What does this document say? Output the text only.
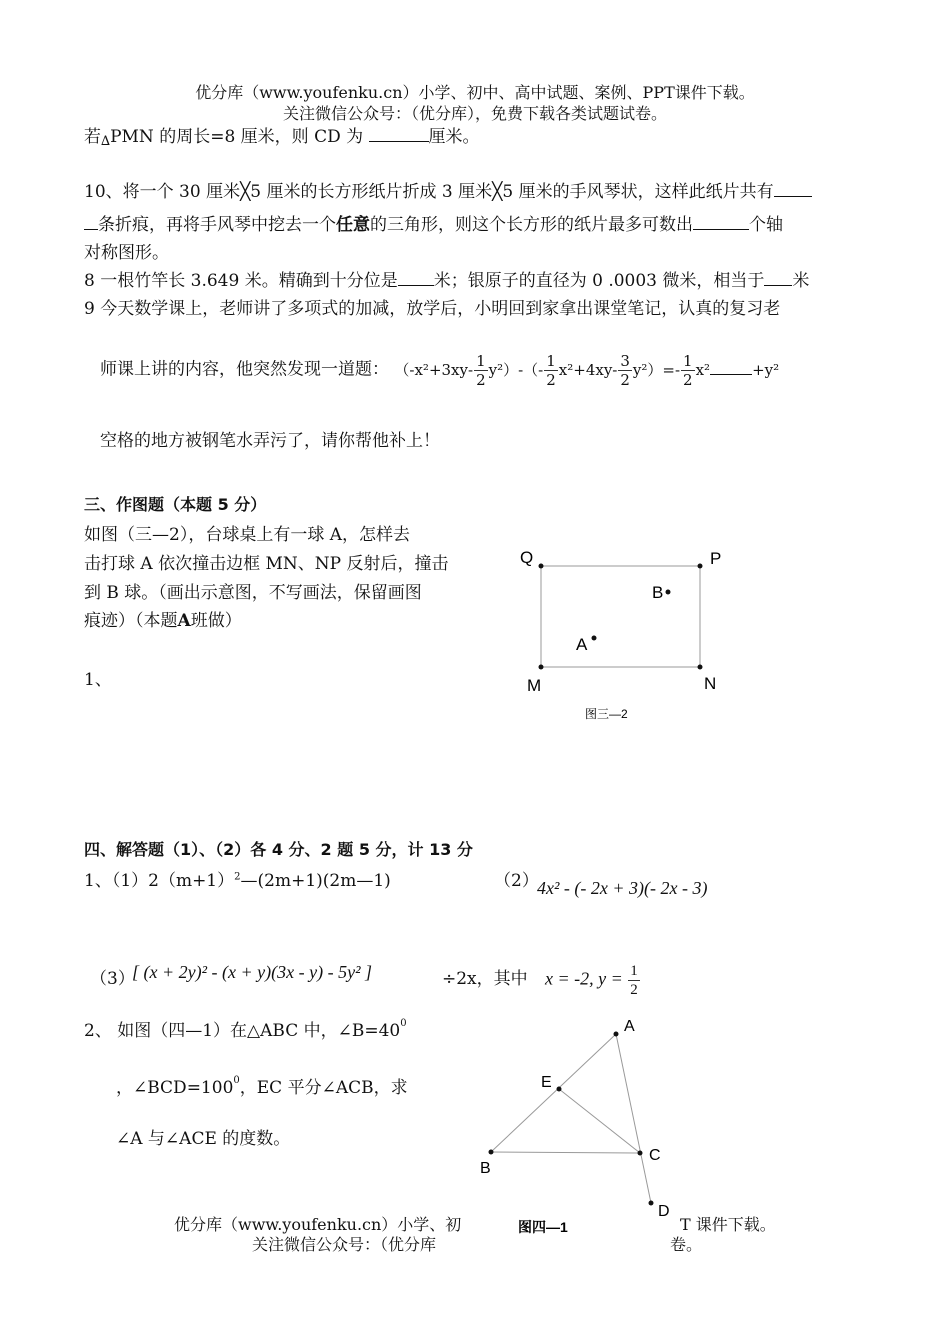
优分库（www.youfenku.cn）小学、初中、高中试题、案例、PPT课件下载。
关注微信公众号：（优分库），免费下载各类试题试卷。
若∆PMN 的周长=8 厘米，则 CD 为	厘米。
10、将一个 30 厘米╳5 厘米的长方形纸片折成 3 厘米╳5 厘米的手风琴状，这样此纸片共有
条折痕，再将手风琴中挖去一个任意的三角形，则这个长方形的纸片最多可数出	个轴
对称图形。
8 一根竹竿长 3.649 米。精确到十分位是 米；银原子的直径为 0 .0003 微米，相当于 米
9 今天数学课上，老师讲了多项式的加减，放学后，小明回到家拿出课堂笔记，认真的复习老
师课上讲的内容，他突然发现一道题： $(-x^2+3xy- \frac{1}{2} y^2)-(- \frac{1}{2} x^2+4xy- \frac{3}{2} y^2)=- \frac{1}{2} x^2$	+y²
空格的地方被钢笔水弄污了，请你帮他补上！
三、作图题（本题 5 分）
如图（三—2），台球桌上有一球 A，怎样去
击打球 A 依次撞击边框 MN、NP 反射后，撞击
到 B 球。（画出示意图，不写画法，保留画图
痕迹）（本题A班做）
1、
Q	P
M	N
B
A
图三—2
四、解答题（1）、（2）各 4 分、2 题 5 分，计 13 分
1、$(1)2(m+1)^2—(2m+1)(2m—1)$	（2）
4x² - (- 2x + 3)(- 2x - 3)
（3）
[ (x + 2y)² - (x + y)(3x - y) - 5y² ]	÷2x，其中 x = -2, $y = \frac{1}{2}$
2、 如图（四—1）在△ABC 中，$\angle B=40^0$
，$\angle BCD=100^0$，EC 平分∠ACB，求
∠A 与∠ACE 的度数。
A
E
B
C
D
图四—1
优分库（www.youfenku.cn）小学、初	T 课件下载。
关注微信公众号：（优分库	卷。
